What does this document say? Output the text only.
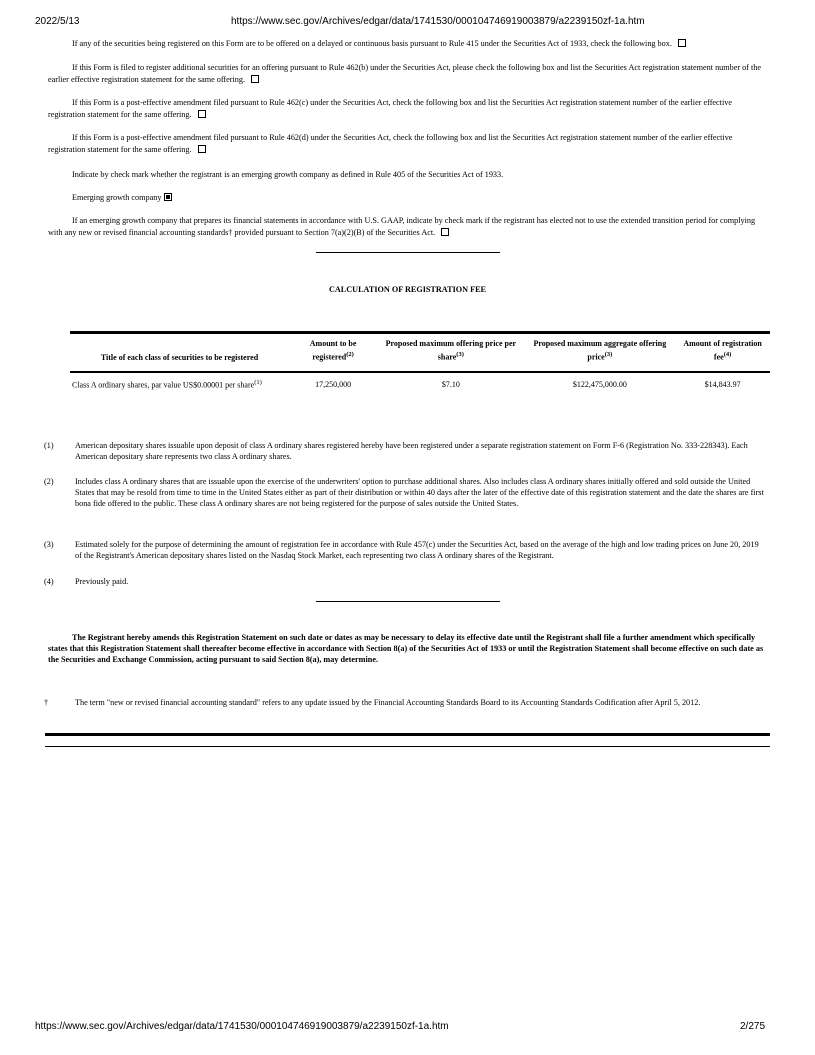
2022/5/13	https://www.sec.gov/Archives/edgar/data/1741530/000104746919003879/a2239150zf-1a.htm
If any of the securities being registered on this Form are to be offered on a delayed or continuous basis pursuant to Rule 415 under the Securities Act of 1933, check the following box.
If this Form is filed to register additional securities for an offering pursuant to Rule 462(b) under the Securities Act, please check the following box and list the Securities Act registration statement number of the earlier effective registration statement for the same offering.
If this Form is a post-effective amendment filed pursuant to Rule 462(c) under the Securities Act, check the following box and list the Securities Act registration statement number of the earlier effective registration statement for the same offering.
If this Form is a post-effective amendment filed pursuant to Rule 462(d) under the Securities Act, check the following box and list the Securities Act registration statement number of the earlier effective registration statement for the same offering.
Indicate by check mark whether the registrant is an emerging growth company as defined in Rule 405 of the Securities Act of 1933.
Emerging growth company
If an emerging growth company that prepares its financial statements in accordance with U.S. GAAP, indicate by check mark if the registrant has elected not to use the extended transition period for complying with any new or revised financial accounting standards† provided pursuant to Section 7(a)(2)(B) of the Securities Act.
CALCULATION OF REGISTRATION FEE
Title of each class of securities to be registered	Amount to be registered$^{(2)}$	Proposed maximum offering price per share$^{(3)}$	Proposed maximum aggregate offering price$^{(3)}$	Amount of registration fee$^{(4)}$
Class A ordinary shares, par value US$0.00001 per share$^{(1)}$	17,250,000	$7.10	$122,475,000.00	$14,843.97
(1)	American depositary shares issuable upon deposit of class A ordinary shares registered hereby have been registered under a separate registration statement on Form F-6 (Registration No. 333-228343). Each American depositary share represents two class A ordinary shares.
(2)	Includes class A ordinary shares that are issuable upon the exercise of the underwriters' option to purchase additional shares. Also includes class A ordinary shares initially offered and sold outside the United States that may be resold from time to time in the United States either as part of their distribution or within 40 days after the later of the effective date of this registration statement and the date the shares are first bona fide offered to the public. These class A ordinary shares are not being registered for the purpose of sales outside the United States.
(3)	Estimated solely for the purpose of determining the amount of registration fee in accordance with Rule 457(c) under the Securities Act, based on the average of the high and low trading prices on June 20, 2019 of the Registrant's American depositary shares listed on the Nasdaq Stock Market, each representing two class A ordinary shares of the Registrant.
(4)	Previously paid.
The Registrant hereby amends this Registration Statement on such date or dates as may be necessary to delay its effective date until the Registrant shall file a further amendment which specifically states that this Registration Statement shall thereafter become effective in accordance with Section 8(a) of the Securities Act of 1933 or until the Registration Statement shall become effective on such date as the Securities and Exchange Commission, acting pursuant to said Section 8(a), may determine.
†	The term "new or revised financial accounting standard" refers to any update issued by the Financial Accounting Standards Board to its Accounting Standards Codification after April 5, 2012.
https://www.sec.gov/Archives/edgar/data/1741530/000104746919003879/a2239150zf-1a.htm	2/275
